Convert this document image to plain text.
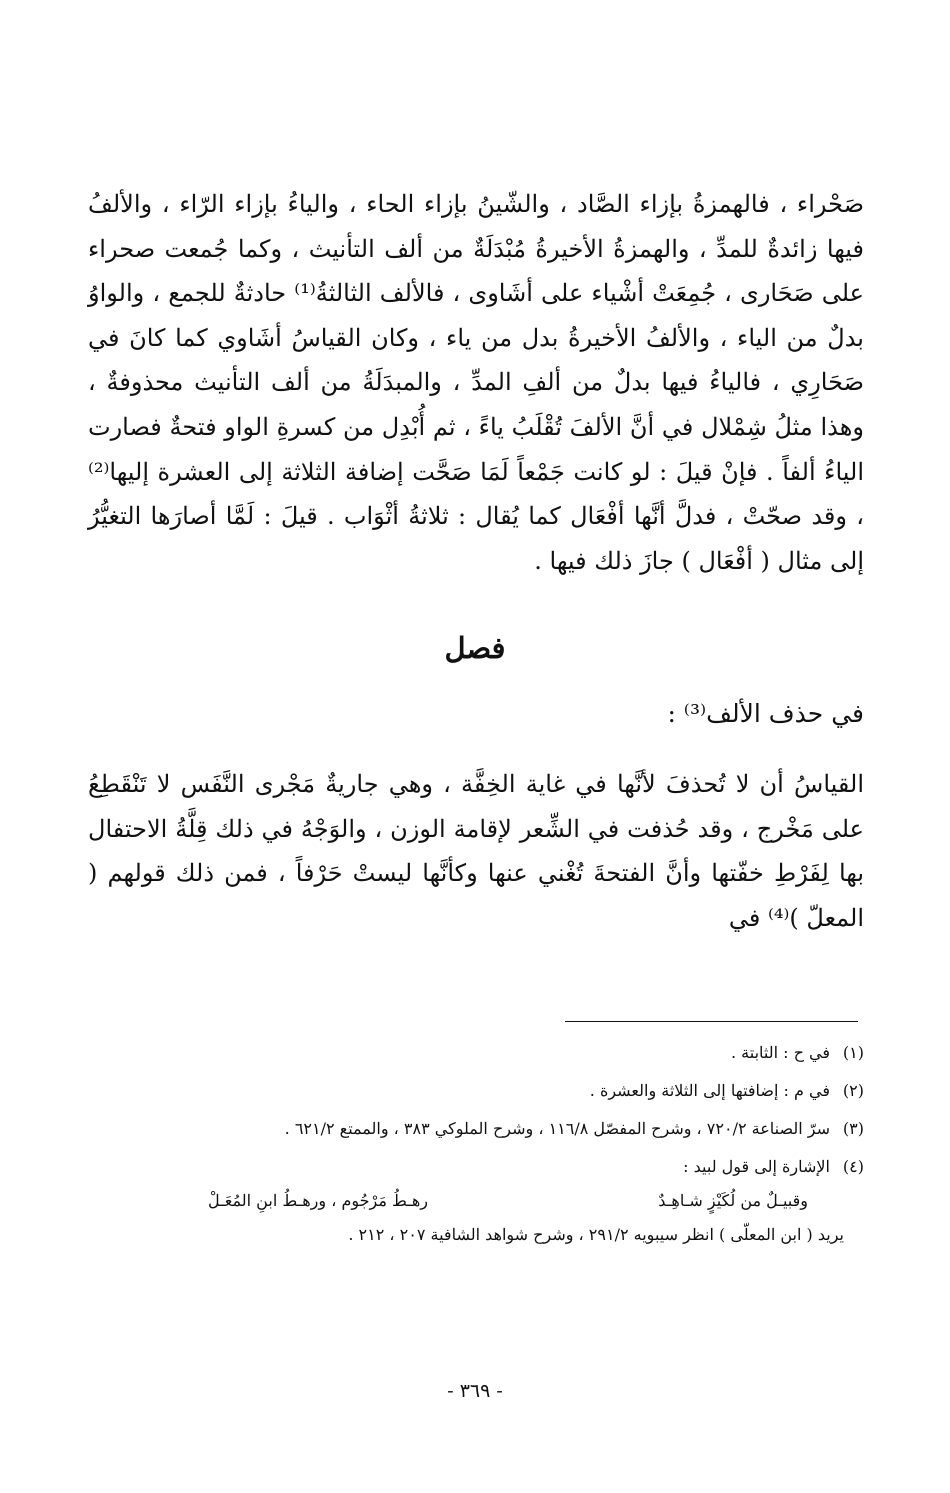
صَحْراء ، فالهمزةُ بإزاء الصَّاد ، والشّينُ بإزاء الحاء ، والياءُ بإزاء الرّاء ، والألفُ فيها زائدةٌ للمدِّ ، والهمزةُ الأخيرةُ مُبْدَلَةٌ من ألف التأنيث ، وكما جُمعت صحراء على صَحَارى ، جُمِعَتْ أشْياء على أشَاوى ، فالألف الثالثةُ⁽¹⁾ حادثةٌ للجمع ، والواوُ بدلٌ من الياء ، والألفُ الأخيرةُ بدل من ياء ، وكان القياسُ أشَاوي كما كانَ في صَحَارِي ، فالياءُ فيها بدلٌ من ألفِ المدِّ ، والمبدَلَةُ من ألف التأنيث محذوفةٌ ، وهذا مثلُ شِمْلال في أنَّ الألفَ تُقْلَبُ ياءً ، ثم أُبْدِل من كسرةِ الواو فتحةٌ فصارت الياءُ ألفاً . فإنْ قيلَ : لو كانت جَمْعاً لَمَا صَحَّت إضافة الثلاثة إلى العشرة إليها⁽²⁾ ، وقد صحّتْ ، فدلَّ أنَّها أفْعَال كما يُقال : ثلاثةُ أثْوَاب . قيلَ : لَمَّا أصارَها التغيُّرُ إلى مثال ( أفْعَال ) جازَ ذلك فيها .

فصل

في حذف الألف⁽³⁾ :

القياسُ أن لا تُحذفَ لأنَّها في غاية الخِفَّة ، وهي جاريةٌ مَجْرى النَّفَس لا تَنْقَطِعُ على مَخْرج ، وقد حُذفت في الشِّعر لإقامة الوزن ، والوَجْهُ في ذلك قِلَّةُ الاحتفال بها لِفَرْطِ خفّتها وأنَّ الفتحةَ تُغْني عنها وكأنَّها ليستْ حَرْفاً ، فمن ذلك قولهم ( المعلّ )⁽⁴⁾ في

(١)
في ح : الثابتة .
(٢)
في م : إضافتها إلى الثلاثة والعشرة .
(٣)
سرّ الصناعة ٧٢٠/٢ ، وشرح المفصّل ١١٦/٨ ، وشرح الملوكي ٣٨٣ ، والممتع ٦٢١/٢ .
(٤)
الإشارة إلى قول لبيد :
وقبيـلٌ من لُكَيْزٍ شـاهِـدٌ
رهـطُ مَرْجُوم ، ورهـطُ ابنِ المُعَـلْ
يريد ( ابن المعلّى ) انظر سيبويه ٢٩١/٢ ، وشرح شواهد الشافية ٢٠٧ ، ٢١٢ .

- ٣٦٩ -
